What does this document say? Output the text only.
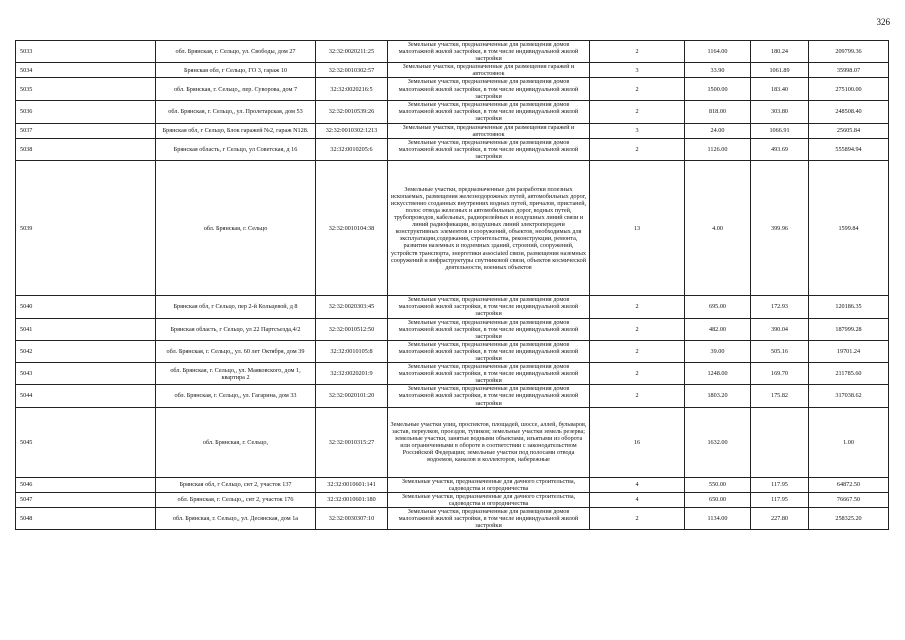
326
5033	обл. Брянская, г. Сельцо, ул. Свободы, дом 27	32:32:0020211:25	Земельные участки, предназначенные для размещения домов малоэтажной жилой застройки, в том числе индивидуальной жилой застройки	2	1164.00	180.24	209799.36
5034	Брянская обл, г Сельцо, ГО 3, гараж 10	32:32:0010302:57	Земельные участки, предназначенные для размещения гаражей и автостоянок	3	33.90	1061.89	35998.07
5035	обл. Брянская, г. Сельцо,, пер. Суворова, дом 7	32:32:0020216:5	Земельные участки, предназначенные для размещения домов малоэтажной жилой застройки, в том числе индивидуальной жилой застройки	2	1500.00	183.40	275100.00
5036	обл. Брянская, г. Сельцо,, ул. Пролетарская, дом 53	32:32:0010539:26	Земельные участки, предназначенные для размещения домов малоэтажной жилой застройки, в том числе индивидуальной жилой застройки	2	818.00	303.80	248508.40
5037	Брянская обл, г Сельцо, Блок гаражей №2, гараж N128.	32:32:0010302:1213	Земельные участки, предназначенные для размещения гаражей и автостоянок	3	24.00	1066.91	25605.84
5038	Брянская область, г Сельцо, ул Советская, д 16	32:32:0010205:6	Земельные участки, предназначенные для размещения домов малоэтажной жилой застройки, в том числе индивидуальной жилой застройки	2	1126.00	493.69	555894.94
5039	обл. Брянская, г. Сельцо	32:32:0010104:38	Земельные участки, предназначенные для разработки полезных ископаемых, размещения железнодорожных путей, автомобильных дорог, искусственно созданных внутренних водных путей, причалов, пристаней, полос отвода железных и автомобильных дорог, водных путей, трубопроводов, кабельных, радиорелейных и воздушных линий связи и линий радиофикации, воздушных линий электропередачи конструктивных элементов и сооружений, объектов, необходимых для эксплуатации,содержания, строительства, реконструкции, ремонта, развития наземных и подземных зданий, строений, сооружений, устройств транспорта, энергетики associated связи, размещения наземных сооружений и инфраструктуры спутниковой связи, объектов космической деятельности, военных объектов	13	4.00	399.96	1599.84
5040	Брянская обл, г Сельцо, пер 2-й Кольцевой, д 8	32:32:0020303:45	Земельные участки, предназначенные для размещения домов малоэтажной жилой застройки, в том числе индивидуальной жилой застройки	2	695.00	172.93	120186.35
5041	Брянская область, г Сельцо, ул 22 Партсъезда,4/2	32:32:0010512:50	Земельные участки, предназначенные для размещения домов малоэтажной жилой застройки, в том числе индивидуальной жилой застройки	2	482.00	390.04	187999.28
5042	обл. Брянская, г. Сельцо,, ул. 60 лет Октября, дом 39	32:32:0010105:8	Земельные участки, предназначенные для размещения домов малоэтажной жилой застройки, в том числе индивидуальной жилой застройки	2	39.00	505.16	19701.24
5043	обл. Брянская, г. Сельцо,, ул. Маяковского, дом 1, квартира 2	32:32:0020201:9	Земельные участки, предназначенные для размещения домов малоэтажной жилой застройки, в том числе индивидуальной жилой застройки	2	1248.00	169.70	211785.60
5044	обл. Брянская, г. Сельцо,, ул. Гагарина, дом 33	32:32:0020101:20	Земельные участки, предназначенные для размещения домов малоэтажной жилой застройки, в том числе индивидуальной жилой застройки	2	1803.20	175.82	317038.62
5045	обл. Брянская, г. Сельцо,	32:32:0010315:27	Земельные участки улиц, проспектов, площадей, шоссе, аллей, бульваров, застав, переулков, проездов, тупиков; земельные участки земель резерва; земельные участки, занятые водными объектами, изъятыми из оборота или ограниченными в обороте в соответствии с законодательством Российской Федерации; земельные участки под полосами отвода водоемов, каналов и коллекторов, набережные	16	1632.00		1.00
5046	Брянская обл, г Сельцо, снт 2, участок 137	32:32:0010601:141	Земельные участки, предназначенные для дачного строительства, садоводства и огородничества	4	550.00	117.95	64872.50
5047	обл. Брянская, г. Сельцо,, снт 2, участок 176	32:32:0010601:180	Земельные участки, предназначенные для дачного строительства, садоводства и огородничества	4	650.00	117.95	76667.50
5048	обл. Брянская, г. Сельцо,, ул. Десянская, дом 1а	32:32:0030307:10	Земельные участки, предназначенные для размещения домов малоэтажной жилой застройки, в том числе индивидуальной жилой застройки	2	1134.00	227.80	258325.20
